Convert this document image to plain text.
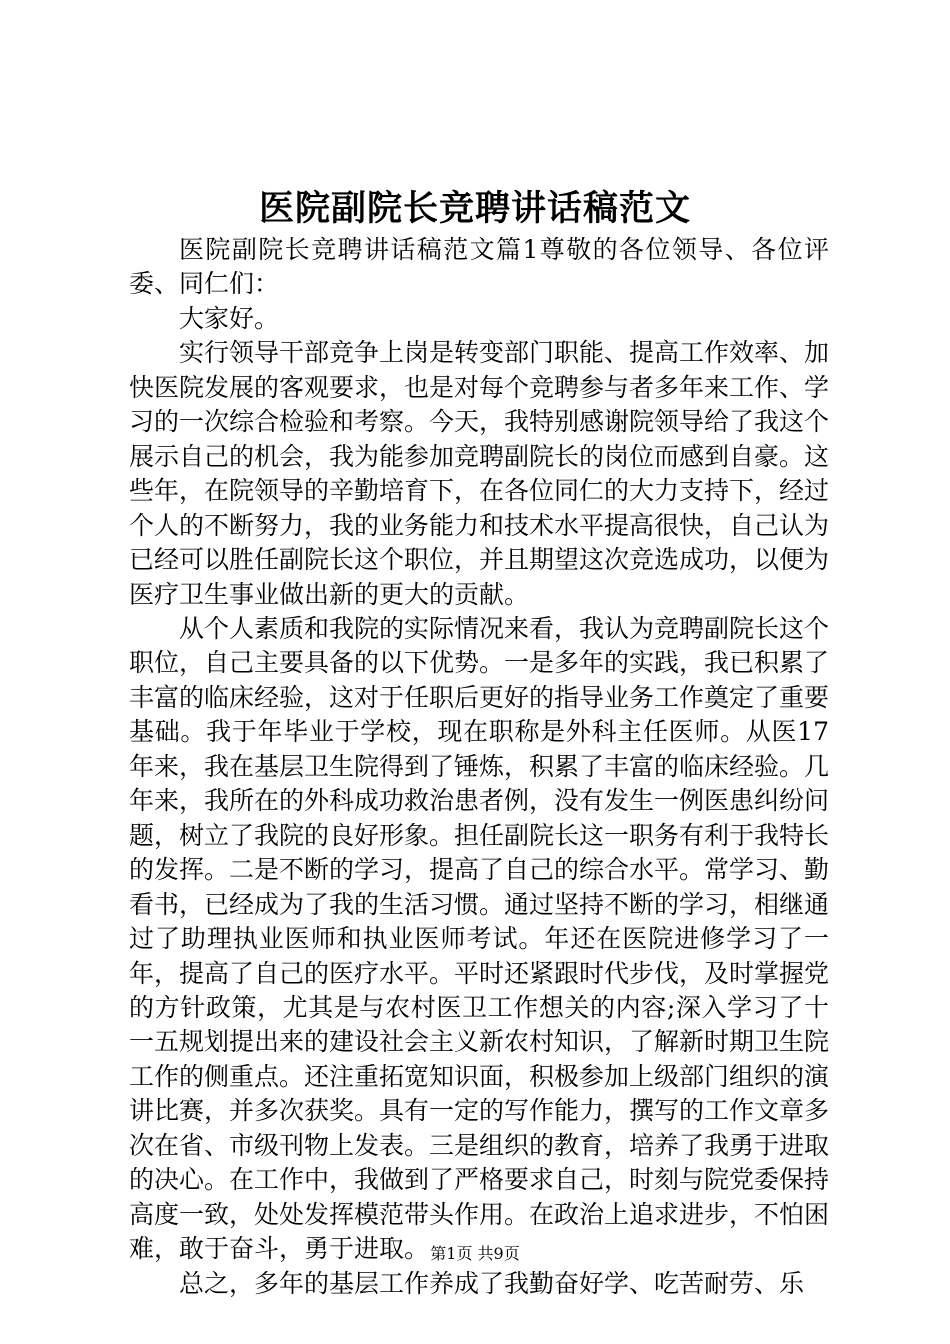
医院副院长竞聘讲话稿范文

医院副院长竞聘讲话稿范文篇1尊敬的各位领导、各位评委、同仁们：

大家好。

实行领导干部竞争上岗是转变部门职能、提高工作效率、加快医院发展的客观要求，也是对每个竞聘参与者多年来工作、学习的一次综合检验和考察。今天，我特别感谢院领导给了我这个展示自己的机会，我为能参加竞聘副院长的岗位而感到自豪。这些年，在院领导的辛勤培育下，在各位同仁的大力支持下，经过个人的不断努力，我的业务能力和技术水平提高很快，自己认为已经可以胜任副院长这个职位，并且期望这次竞选成功，以便为医疗卫生事业做出新的更大的贡献。

从个人素质和我院的实际情况来看，我认为竞聘副院长这个职位，自己主要具备的以下优势。一是多年的实践，我已积累了丰富的临床经验，这对于任职后更好的指导业务工作奠定了重要基础。我于年毕业于学校，现在职称是外科主任医师。从医17年来，我在基层卫生院得到了锤炼，积累了丰富的临床经验。几年来，我所在的外科成功救治患者例，没有发生一例医患纠纷问题，树立了我院的良好形象。担任副院长这一职务有利于我特长的发挥。二是不断的学习，提高了自己的综合水平。常学习、勤看书，已经成为了我的生活习惯。通过坚持不断的学习，相继通过了助理执业医师和执业医师考试。年还在医院进修学习了一年，提高了自己的医疗水平。平时还紧跟时代步伐，及时掌握党的方针政策，尤其是与农村医卫工作想关的内容;深入学习了十一五规划提出来的建设社会主义新农村知识，了解新时期卫生院工作的侧重点。还注重拓宽知识面，积极参加上级部门组织的演讲比赛，并多次获奖。具有一定的写作能力，撰写的工作文章多次在省、市级刊物上发表。三是组织的教育，培养了我勇于进取的决心。在工作中，我做到了严格要求自己，时刻与院党委保持高度一致，处处发挥模范带头作用。在政治上追求进步，不怕困难，敢于奋斗，勇于进取。

总之，多年的基层工作养成了我勤奋好学、吃苦耐劳、乐

第1页 共9页
